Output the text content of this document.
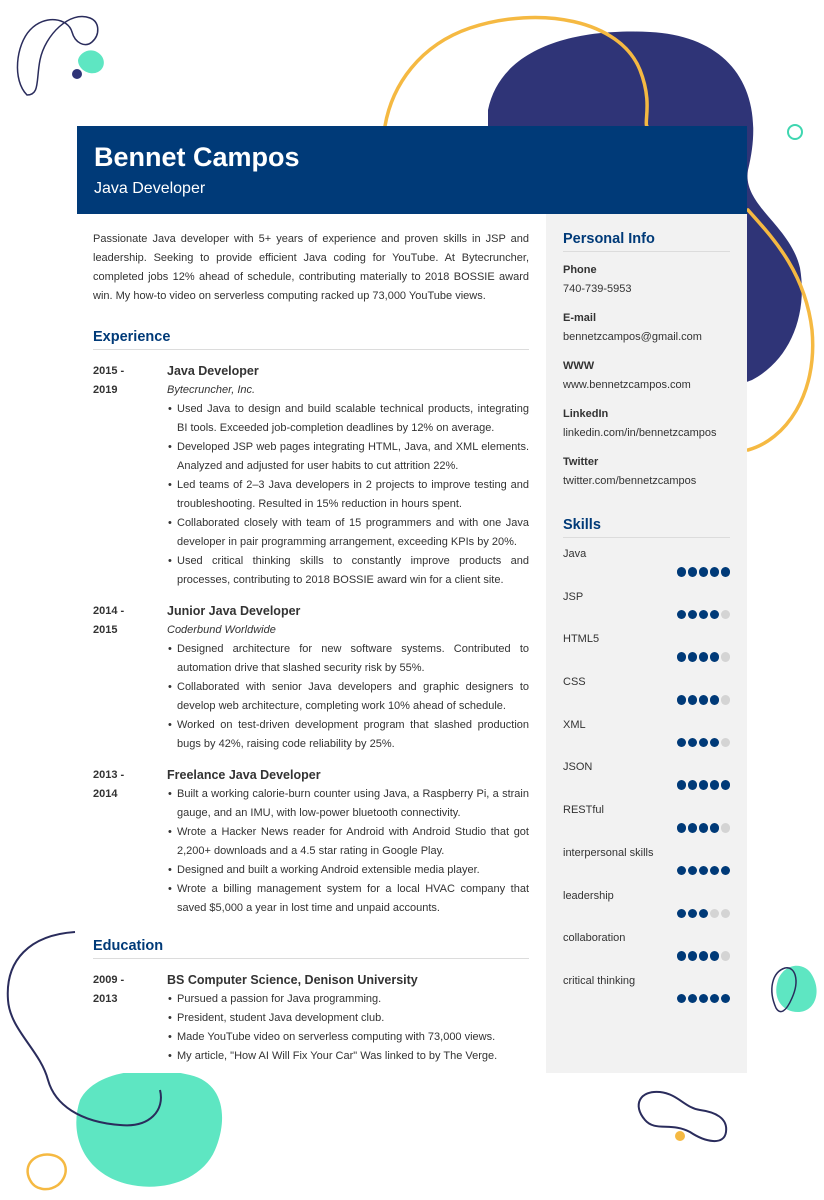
Bennet Campos
Java Developer

Passionate Java developer with 5+ years of experience and proven skills in JSP and leadership. Seeking to provide efficient Java coding for YouTube. At Bytecruncher, completed jobs 12% ahead of schedule, contributing materially to 2018 BOSSIE award win. My how-to video on serverless computing racked up 73,000 YouTube views.

Experience
2015 -
2019
Java Developer
Bytecruncher, Inc.
• Used Java to design and build scalable technical products, integrating BI tools. Exceeded job-completion deadlines by 12% on average.
• Developed JSP web pages integrating HTML, Java, and XML elements. Analyzed and adjusted for user habits to cut attrition 22%.
• Led teams of 2–3 Java developers in 2 projects to improve testing and troubleshooting. Resulted in 15% reduction in hours spent.
• Collaborated closely with team of 15 programmers and with one Java developer in pair programming arrangement, exceeding KPIs by 20%.
• Used critical thinking skills to constantly improve products and processes, contributing to 2018 BOSSIE award win for a client site.
2014 -
2015
Junior Java Developer
Coderbund Worldwide
• Designed architecture for new software systems. Contributed to automation drive that slashed security risk by 55%.
• Collaborated with senior Java developers and graphic designers to develop web architecture, completing work 10% ahead of schedule.
• Worked on test-driven development program that slashed production bugs by 42%, raising code reliability by 25%.
2013 -
2014
Freelance Java Developer
• Built a working calorie-burn counter using Java, a Raspberry Pi, a strain gauge, and an IMU, with low-power bluetooth connectivity.
• Wrote a Hacker News reader for Android with Android Studio that got 2,200+ downloads and a 4.5 star rating in Google Play.
• Designed and built a working Android extensible media player.
• Wrote a billing management system for a local HVAC company that saved $5,000 a year in lost time and unpaid accounts.
Education
2009 -
2013
BS Computer Science, Denison University
• Pursued a passion for Java programming.
• President, student Java development club.
• Made YouTube video on serverless computing with 73,000 views.
• My article, "How AI Will Fix Your Car" Was linked to by The Verge.
Personal Info
Phone
740-739-5953
E-mail
bennetzcampos@gmail.com
WWW
www.bennetzcampos.com
LinkedIn
linkedin.com/in/bennetzcampos
Twitter
twitter.com/bennetzcampos
Skills
Java
JSP
HTML5
CSS
XML
JSON
RESTful
interpersonal skills
leadership
collaboration
critical thinking
